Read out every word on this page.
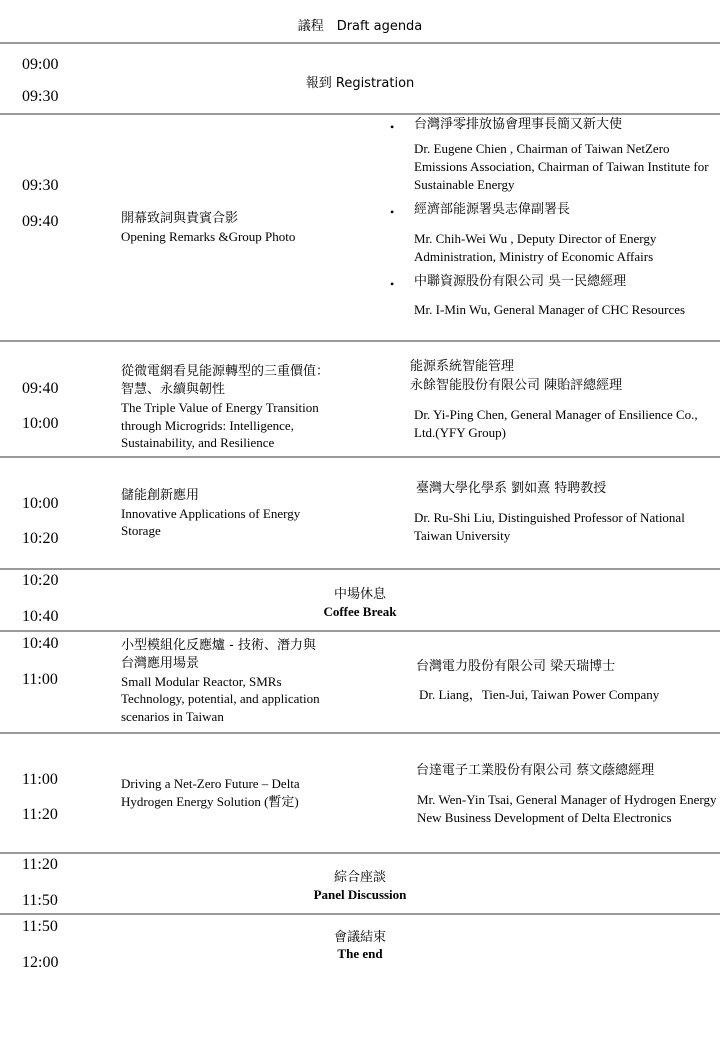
議程　Draft agenda
09:00
09:30
報到 Registration
09:30
09:40	開幕致詞與貴賓合影
Opening Remarks &Group Photo
• 台灣淨零排放協會理事長簡又新大使
Dr. Eugene Chien , Chairman of Taiwan NetZero Emissions Association, Chairman of Taiwan Institute for Sustainable Energy
• 經濟部能源署吳志偉副署長
Mr. Chih-Wei Wu , Deputy Director of Energy Administration, Ministry of Economic Affairs
• 中聯資源股份有限公司 吳一民總經理
Mr. I-Min Wu, General Manager of CHC Resources
09:40
10:00
從微電網看見能源轉型的三重價值：
智慧、永續與韌性
The Triple Value of Energy Transition
through Microgrids: Intelligence,
Sustainability, and Resilience
能源系統智能管理
永餘智能股份有限公司 陳貽評總經理
Dr. Yi-Ping Chen, General Manager of Ensilience Co., Ltd.(YFY Group)
10:00
10:20
儲能創新應用
Innovative Applications of Energy
Storage
臺灣大學化學系 劉如熹 特聘教授
Dr. Ru-Shi Liu, Distinguished Professor of National Taiwan University
10:20
10:40
中場休息
Coffee Break
10:40
11:00
小型模組化反應爐 - 技術、潛力與
台灣應用場景
Small Modular Reactor, SMRs
Technology, potential, and application
scenarios in Taiwan
台灣電力股份有限公司 梁天瑞博士
Dr. Liang，Tien-Jui, Taiwan Power Company
11:00
11:20
Driving a Net-Zero Future – Delta
Hydrogen Energy Solution (暫定)
台達電子工業股份有限公司 蔡文蔭總經理
Mr. Wen-Yin Tsai, General Manager of Hydrogen Energy New Business Development of Delta Electronics
11:20
11:50
綜合座談
Panel Discussion
11:50
12:00
會議結束
The end
